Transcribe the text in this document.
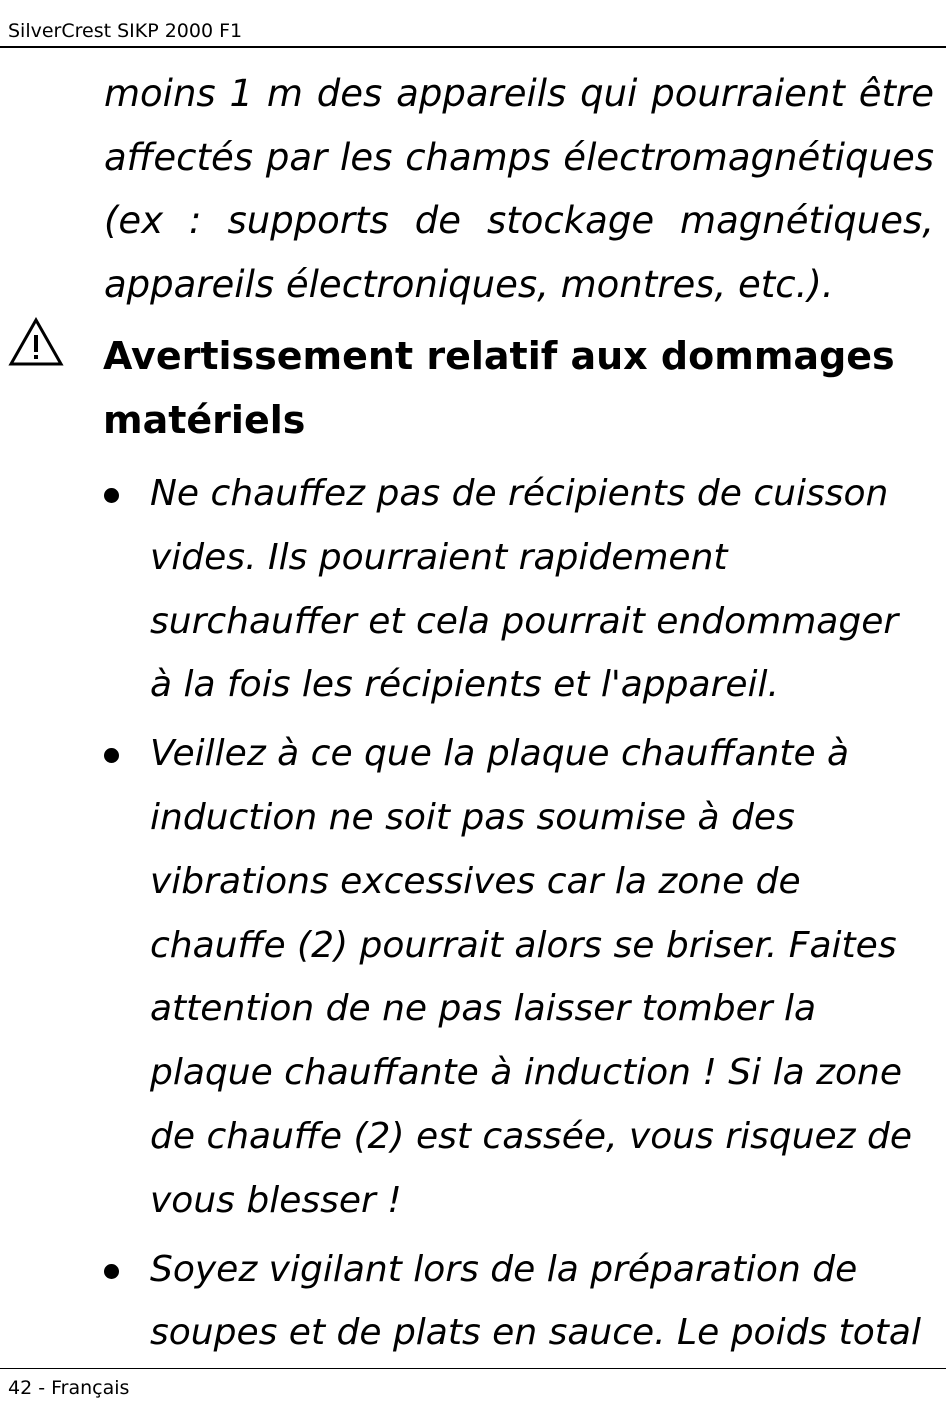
SilverCrest SIKP 2000 F1

moins 1 m des appareils qui pourraient être affectés par les champs électromagnétiques (ex : supports de stockage magnétiques, appareils électroniques, montres, etc.).

Avertissement relatif aux dommages matériels
Ne chauffez pas de récipients de cuisson vides. Ils pourraient rapidement surchauffer et cela pourrait endommager à la fois les récipients et l'appareil.
Veillez à ce que la plaque chauffante à induction ne soit pas soumise à des vibrations excessives car la zone de chauffe (2) pourrait alors se briser. Faites attention de ne pas laisser tomber la plaque chauffante à induction ! Si la zone de chauffe (2) est cassée, vous risquez de vous blesser !
Soyez vigilant lors de la préparation de soupes et de plats en sauce. Le poids total
42 - Français
